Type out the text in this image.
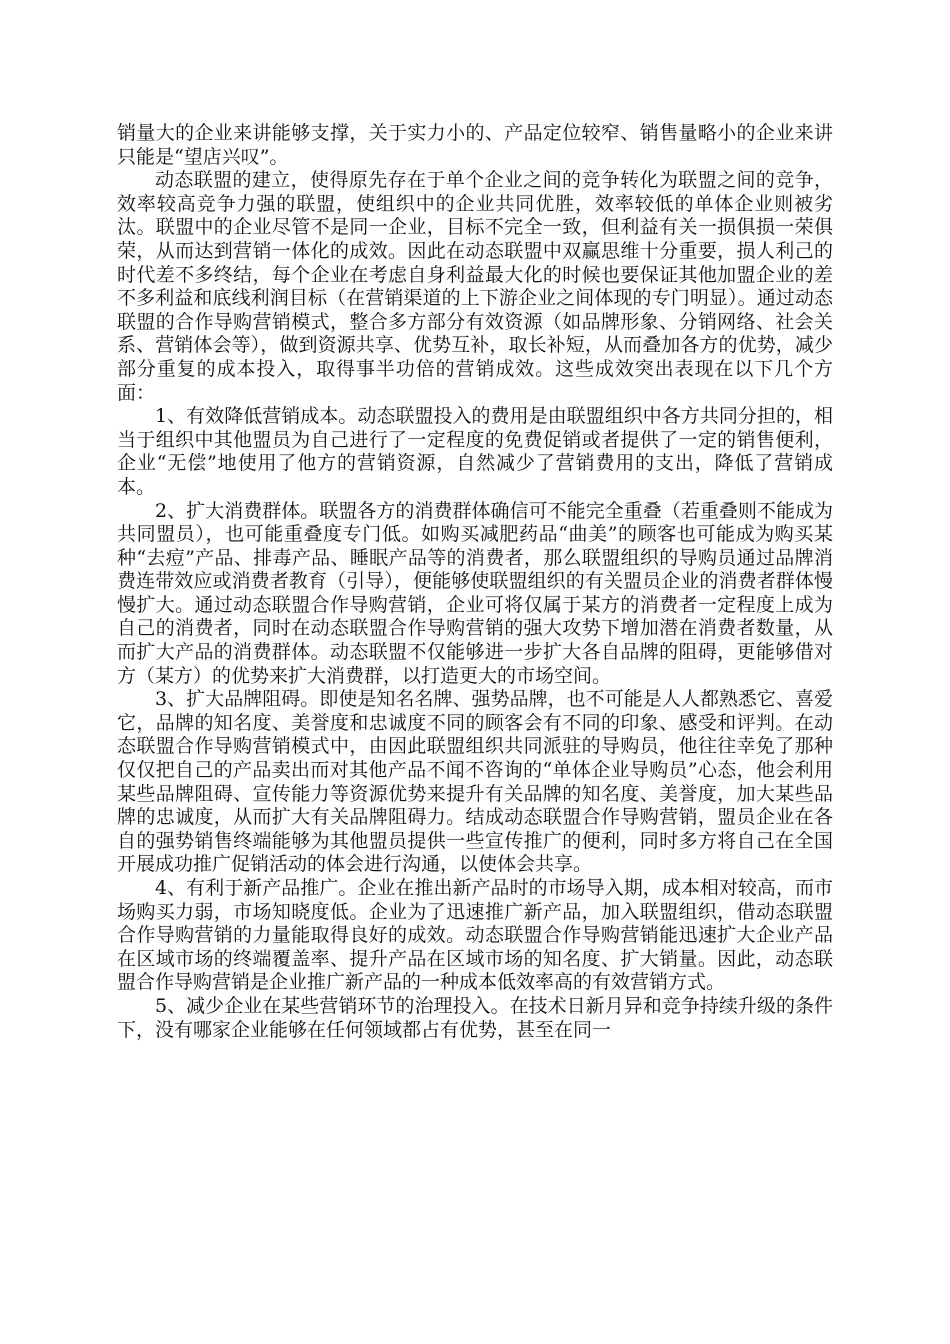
销量大的企业来讲能够支撑，关于实力小的、产品定位较窄、销售量略小的企业来讲只能是“望店兴叹”。

动态联盟的建立，使得原先存在于单个企业之间的竞争转化为联盟之间的竞争，效率较高竞争力强的联盟，使组织中的企业共同优胜，效率较低的单体企业则被劣汰。联盟中的企业尽管不是同一企业，目标不完全一致，但利益有关一损俱损一荣俱荣，从而达到营销一体化的成效。因此在动态联盟中双赢思维十分重要，损人利己的时代差不多终结，每个企业在考虑自身利益最大化的时候也要保证其他加盟企业的差不多利益和底线利润目标（在营销渠道的上下游企业之间体现的专门明显）。通过动态联盟的合作导购营销模式，整合多方部分有效资源（如品牌形象、分销网络、社会关系、营销体会等），做到资源共享、优势互补，取长补短，从而叠加各方的优势，减少部分重复的成本投入，取得事半功倍的营销成效。这些成效突出表现在以下几个方面：

1、有效降低营销成本。动态联盟投入的费用是由联盟组织中各方共同分担的，相当于组织中其他盟员为自己进行了一定程度的免费促销或者提供了一定的销售便利，企业“无偿”地使用了他方的营销资源，自然减少了营销费用的支出，降低了营销成本。

2、扩大消费群体。联盟各方的消费群体确信可不能完全重叠（若重叠则不能成为共同盟员），也可能重叠度专门低。如购买减肥药品“曲美”的顾客也可能成为购买某种“去痘”产品、排毒产品、睡眠产品等的消费者，那么联盟组织的导购员通过品牌消费连带效应或消费者教育（引导），便能够使联盟组织的有关盟员企业的消费者群体慢慢扩大。通过动态联盟合作导购营销，企业可将仅属于某方的消费者一定程度上成为自己的消费者，同时在动态联盟合作导购营销的强大攻势下增加潜在消费者数量，从而扩大产品的消费群体。动态联盟不仅能够进一步扩大各自品牌的阻碍，更能够借对方（某方）的优势来扩大消费群，以打造更大的市场空间。

3、扩大品牌阻碍。即使是知名名牌、强势品牌，也不可能是人人都熟悉它、喜爱它，品牌的知名度、美誉度和忠诚度不同的顾客会有不同的印象、感受和评判。在动态联盟合作导购营销模式中，由因此联盟组织共同派驻的导购员，他往往幸免了那种仅仅把自己的产品卖出而对其他产品不闻不咨询的“单体企业导购员”心态，他会利用某些品牌阻碍、宣传能力等资源优势来提升有关品牌的知名度、美誉度，加大某些品牌的忠诚度，从而扩大有关品牌阻碍力。结成动态联盟合作导购营销，盟员企业在各自的强势销售终端能够为其他盟员提供一些宣传推广的便利，同时多方将自己在全国开展成功推广促销活动的体会进行沟通，以使体会共享。

4、有利于新产品推广。企业在推出新产品时的市场导入期，成本相对较高，而市场购买力弱，市场知晓度低。企业为了迅速推广新产品，加入联盟组织，借动态联盟合作导购营销的力量能取得良好的成效。动态联盟合作导购营销能迅速扩大企业产品在区域市场的终端覆盖率、提升产品在区域市场的知名度、扩大销量。因此，动态联盟合作导购营销是企业推广新产品的一种成本低效率高的有效营销方式。

5、减少企业在某些营销环节的治理投入。在技术日新月异和竞争持续升级的条件下，没有哪家企业能够在任何领域都占有优势，甚至在同一
